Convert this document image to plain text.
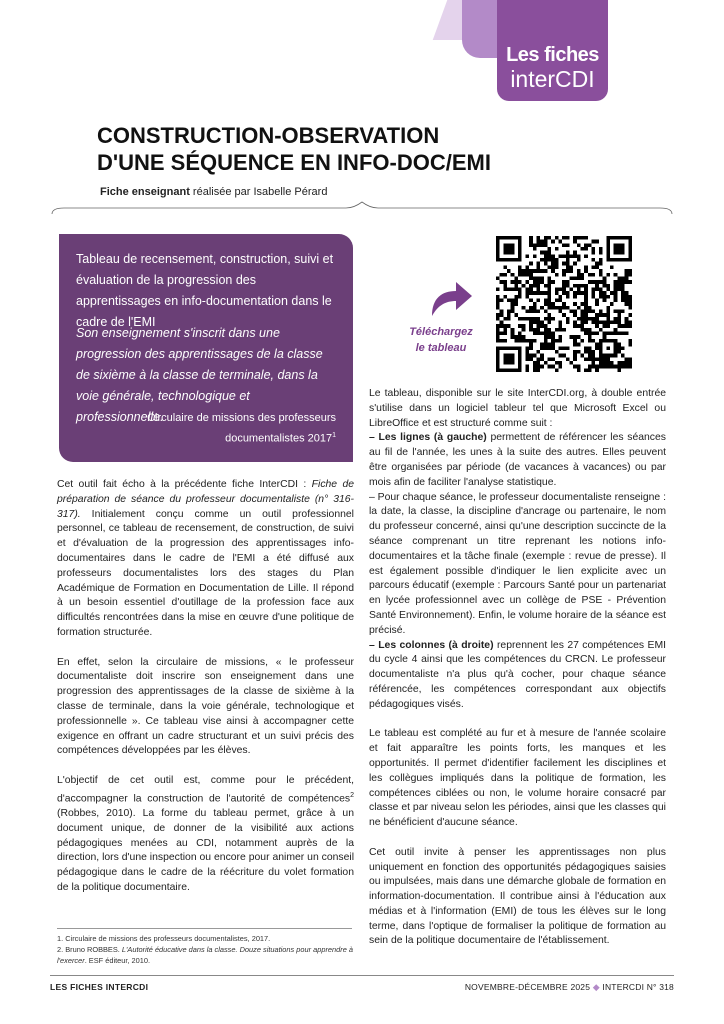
Les fiches
interCDI
CONSTRUCTION-OBSERVATION
D'UNE SÉQUENCE EN INFO-DOC/EMI
Fiche enseignant réalisée par Isabelle Pérard
Tableau de recensement, construction, suivi et évaluation de la progression des apprentissages en info-documentation dans le cadre de l'EMI
Son enseignement s'inscrit dans une progression des apprentissages de la classe de sixième à la classe de terminale, dans la voie générale, technologique et professionnelle.
Circulaire de missions des professeurs documentalistes 2017$^1$
Téléchargez
le tableau

Cet outil fait écho à la précédente fiche InterCDI : Fiche de préparation de séance du professeur documentaliste (n° 316-317). Initialement conçu comme un outil professionnel personnel, ce tableau de recensement, de construction, de suivi et d'évaluation de la progression des apprentissages info-documentaires dans le cadre de l'EMI a été diffusé aux professeurs documentalistes lors des stages du Plan Académique de Formation en Documentation de Lille. Il répond à un besoin essentiel d'outillage de la profession face aux difficultés rencontrées dans la mise en œuvre d'une politique de formation structurée.

En effet, selon la circulaire de missions, « le professeur documentaliste doit inscrire son enseignement dans une progression des apprentissages de la classe de sixième à la classe de terminale, dans la voie générale, technologique et professionnelle ». Ce tableau vise ainsi à accompagner cette exigence en offrant un cadre structurant et un suivi précis des compétences développées par les élèves.

L'objectif de cet outil est, comme pour le précédent, d'accompagner la construction de l'autorité de compétences$^2$ (Robbes, 2010). La forme du tableau permet, grâce à un document unique, de donner de la visibilité aux actions pédagogiques menées au CDI, notamment auprès de la direction, lors d'une inspection ou encore pour animer un conseil pédagogique dans le cadre de la réécriture du volet formation de la politique documentaire.

Le tableau, disponible sur le site InterCDI.org, à double entrée s'utilise dans un logiciel tableur tel que Microsoft Excel ou LibreOffice et est structuré comme suit :

– Les lignes (à gauche) permettent de référencer les séances au fil de l'année, les unes à la suite des autres. Elles peuvent être organisées par période (de vacances à vacances) ou par mois afin de faciliter l'analyse statistique.

– Pour chaque séance, le professeur documentaliste renseigne : la date, la classe, la discipline d'ancrage ou partenaire, le nom du professeur concerné, ainsi qu'une description succincte de la séance comprenant un titre reprenant les notions info-documentaires et la tâche finale (exemple : revue de presse). Il est également possible d'indiquer le lien explicite avec un parcours éducatif (exemple : Parcours Santé pour un partenariat en lycée professionnel avec un collège de PSE - Prévention Santé Environnement). Enfin, le volume horaire de la séance est précisé.

– Les colonnes (à droite) reprennent les 27 compétences EMI du cycle 4 ainsi que les compétences du CRCN. Le professeur documentaliste n'a plus qu'à cocher, pour chaque séance référencée, les compétences correspondant aux objectifs pédagogiques visés.

Le tableau est complété au fur et à mesure de l'année scolaire et fait apparaître les points forts, les manques et les opportunités. Il permet d'identifier facilement les disciplines et les collègues impliqués dans la politique de formation, les compétences ciblées ou non, le volume horaire consacré par classe et par niveau selon les périodes, ainsi que les classes qui ne bénéficient d'aucune séance.

Cet outil invite à penser les apprentissages non plus uniquement en fonction des opportunités pédagogiques saisies ou impulsées, mais dans une démarche globale de formation en information-documentation. Il contribue ainsi à l'éducation aux médias et à l'information (EMI) de tous les élèves sur le long terme, dans l'optique de formaliser la politique de formation au sein de la politique documentaire de l'établissement.

1. Circulaire de missions des professeurs documentalistes, 2017.
2. Bruno ROBBES. L'Autorité éducative dans la classe. Douze situations pour apprendre à l'exercer. ESF éditeur, 2010.
LES FICHES INTERCDI	NOVEMBRE-DÉCEMBRE 2025 ◆ INTERCDI N° 318
